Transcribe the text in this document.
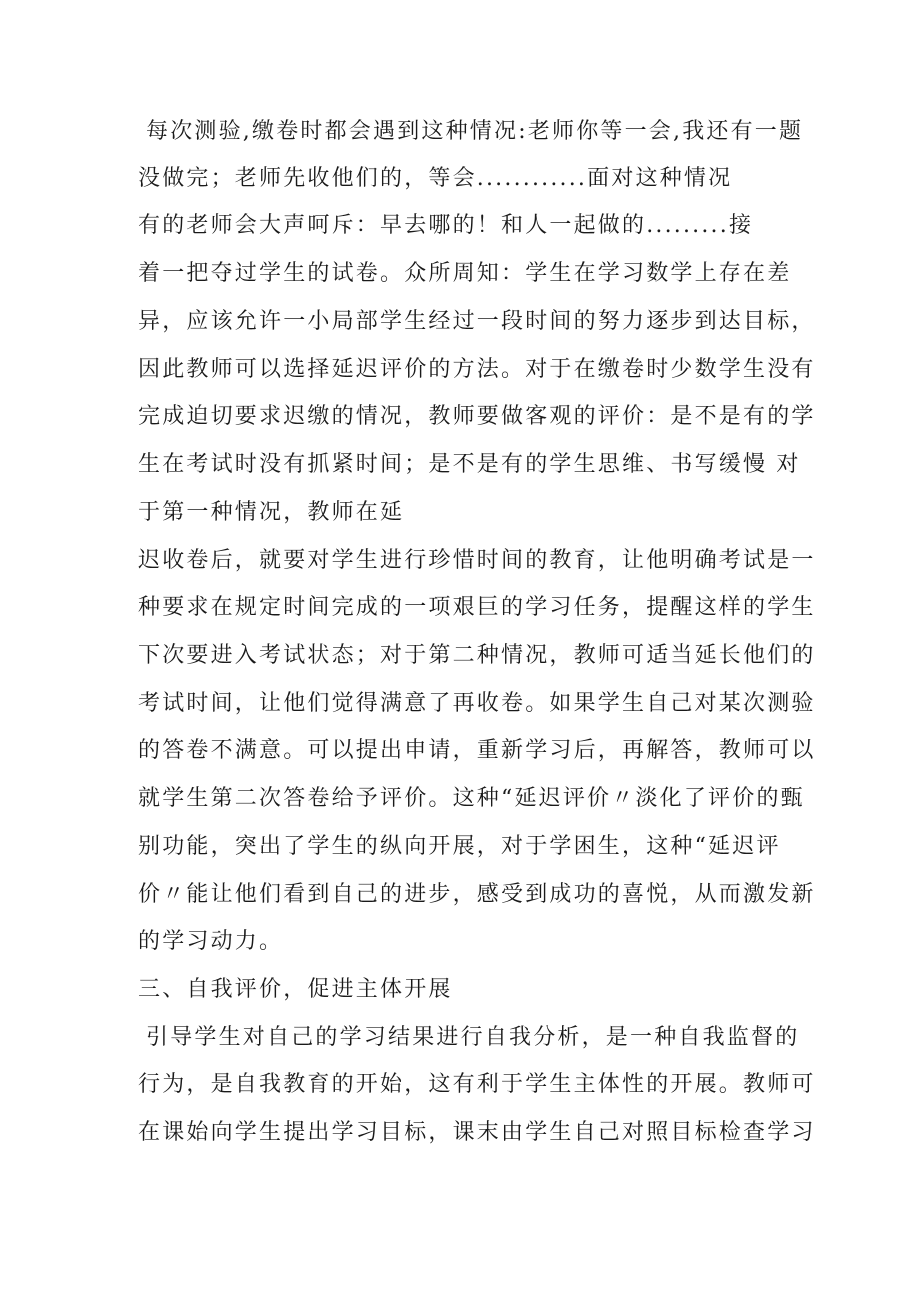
每次测验,缴卷时都会遇到这种情况:老师你等一会,我还有一题
没做完；老师先收他们的，等会............面对这种情况
有的老师会大声呵斥：早去哪的！和人一起做的.........接
着一把夺过学生的试卷。众所周知：学生在学习数学上存在差
异，应该允许一小局部学生经过一段时间的努力逐步到达目标，
因此教师可以选择延迟评价的方法。对于在缴卷时少数学生没有
完成迫切要求迟缴的情况，教师要做客观的评价：是不是有的学
生在考试时没有抓紧时间；是不是有的学生思维、书写缓慢 对
于第一种情况，教师在延
迟收卷后，就要对学生进行珍惜时间的教育，让他明确考试是一
种要求在规定时间完成的一项艰巨的学习任务，提醒这样的学生
下次要进入考试状态；对于第二种情况，教师可适当延长他们的
考试时间，让他们觉得满意了再收卷。如果学生自己对某次测验
的答卷不满意。可以提出申请，重新学习后，再解答，教师可以
就学生第二次答卷给予评价。这种“延迟评价〃淡化了评价的甄
别功能，突出了学生的纵向开展，对于学困生，这种“延迟评
价〃能让他们看到自己的进步，感受到成功的喜悦，从而激发新
的学习动力。
三、自我评价，促进主体开展
引导学生对自己的学习结果进行自我分析，是一种自我监督的
行为，是自我教育的开始，这有利于学生主体性的开展。教师可
在课始向学生提出学习目标，课末由学生自己对照目标检查学习
